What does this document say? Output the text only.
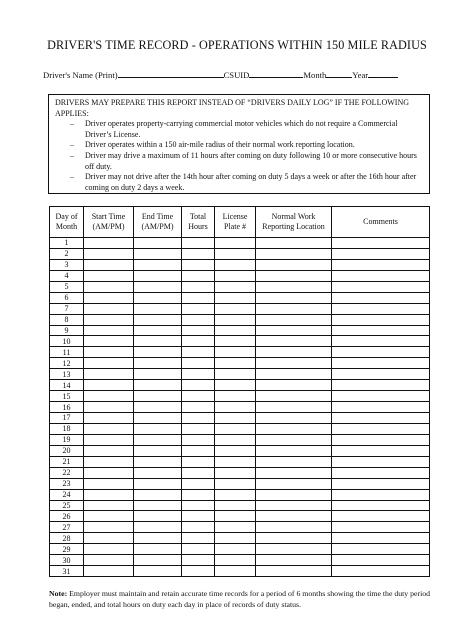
DRIVER'S TIME RECORD - OPERATIONS WITHIN 150 MILE RADIUS
Driver's Name (Print)	CSUID	Month	Year

DRIVERS MAY PREPARE THIS REPORT INSTEAD OF “DRIVERS DAILY LOG” IF THE FOLLOWING APPLIES:

– Driver operates property-carrying commercial motor vehicles which do not require a Commercial Driver’s License.
– Driver operates within a 150 air-mile radius of their normal work reporting location.
– Driver may drive a maximum of 11 hours after coming on duty following 10 or more consecutive hours off duty.
– Driver may not drive after the 14th hour after coming on duty 5 days a week or after the 16th hour after coming on duty 2 days a week.
Day of Month	Start Time (AM/PM)	End Time (AM/PM)	Total Hours	License Plate #	Normal Work Reporting Location	Comments
1						
2						
3						
4						
5						
6						
7						
8						
9						
10						
11						
12						
13						
14						
15						
16						
17						
18						
19						
20						
21						
22						
23						
24						
25						
26						
27						
28						
29						
30						
31						
Note: Employer must maintain and retain accurate time records for a period of 6 months showing the time the duty period began, ended, and total hours on duty each day in place of records of duty status.
